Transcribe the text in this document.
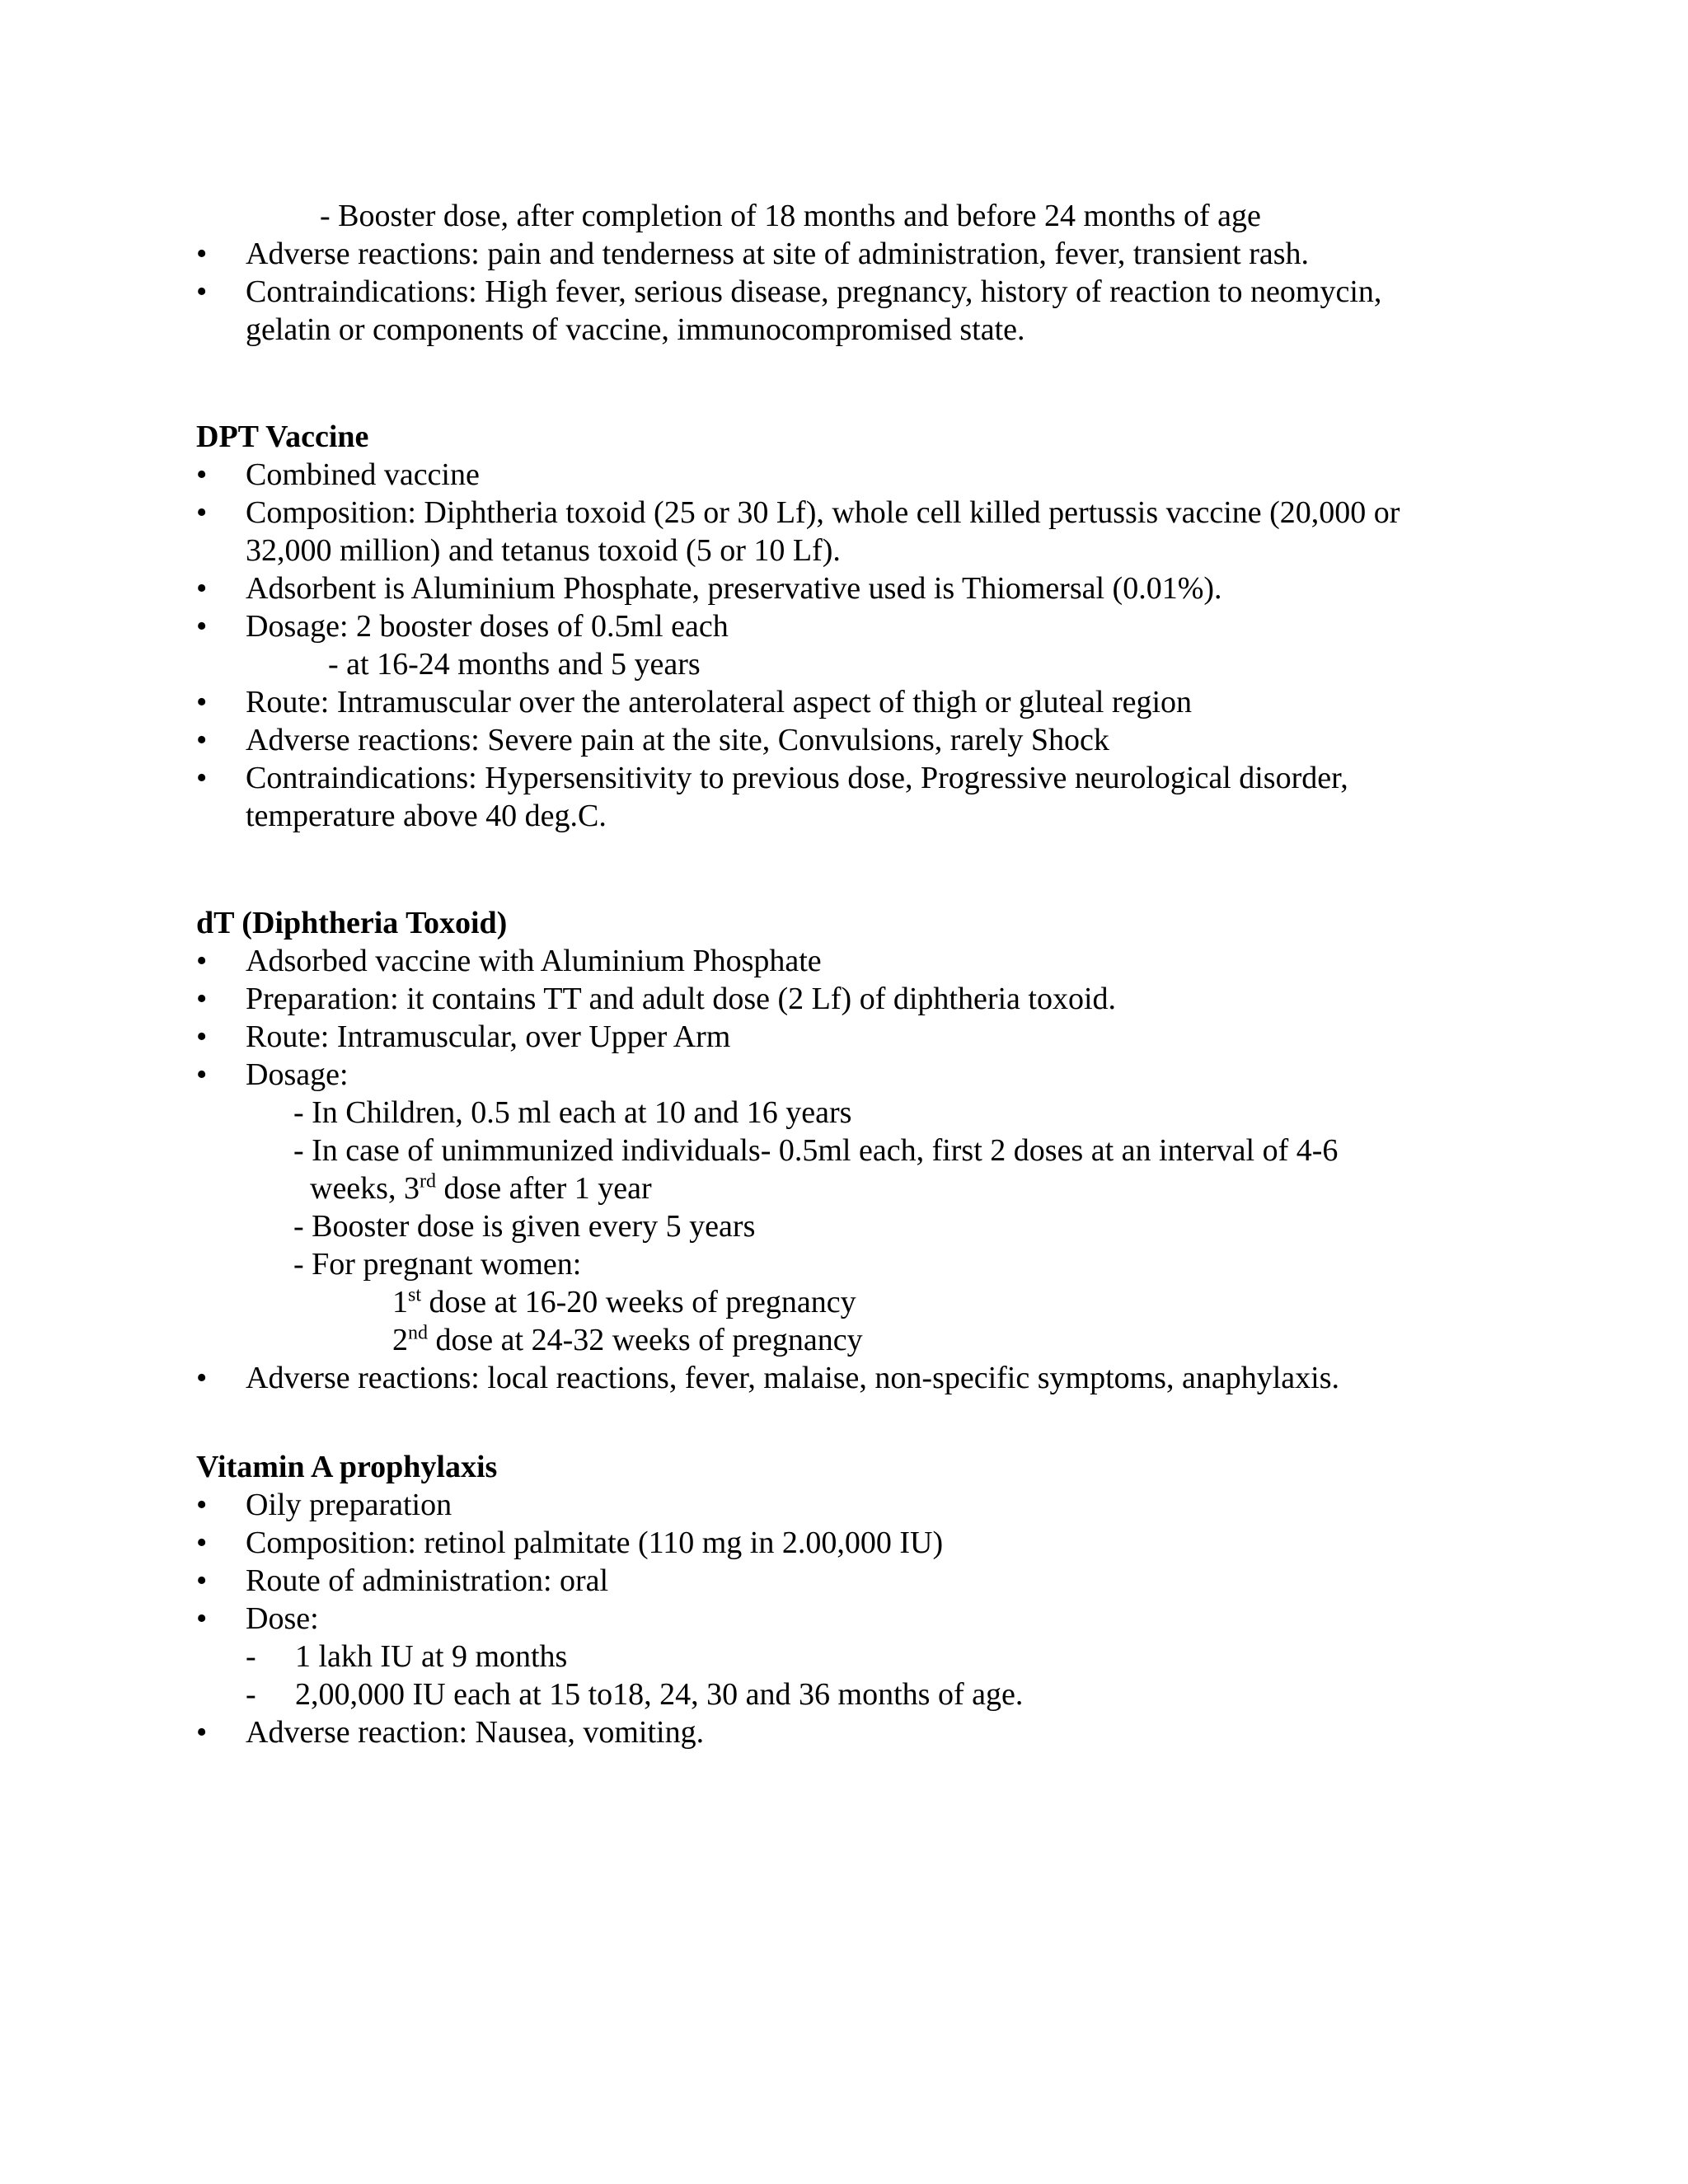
- Booster dose, after completion of 18 months and before 24 months of age
• Adverse reactions: pain and tenderness at site of administration, fever, transient rash.
• Contraindications: High fever, serious disease, pregnancy, history of reaction to neomycin,
gelatin or components of vaccine, immunocompromised state.
DPT Vaccine
• Combined vaccine
• Composition: Diphtheria toxoid (25 or 30 Lf), whole cell killed pertussis vaccine (20,000 or
32,000 million) and tetanus toxoid (5 or 10 Lf).
• Adsorbent is Aluminium Phosphate, preservative used is Thiomersal (0.01%).
• Dosage: 2 booster doses of 0.5ml each
- at 16-24 months and 5 years
• Route: Intramuscular over the anterolateral aspect of thigh or gluteal region
• Adverse reactions: Severe pain at the site, Convulsions, rarely Shock
• Contraindications: Hypersensitivity to previous dose, Progressive neurological disorder,
temperature above 40 deg.C.
dT (Diphtheria Toxoid)
• Adsorbed vaccine with Aluminium Phosphate
• Preparation: it contains TT and adult dose (2 Lf) of diphtheria toxoid.
• Route: Intramuscular, over Upper Arm
• Dosage:
- In Children, 0.5 ml each at 10 and 16 years
- In case of unimmunized individuals- 0.5ml each, first 2 doses at an interval of 4-6
weeks, 3rd dose after 1 year
- Booster dose is given every 5 years
- For pregnant women:
1st dose at 16-20 weeks of pregnancy
2nd dose at 24-32 weeks of pregnancy
• Adverse reactions: local reactions, fever, malaise, non-specific symptoms, anaphylaxis.
Vitamin A prophylaxis
• Oily preparation
• Composition: retinol palmitate (110 mg in 2.00,000 IU)
• Route of administration: oral
• Dose:
- 1 lakh IU at 9 months
- 2,00,000 IU each at 15 to18, 24, 30 and 36 months of age.
• Adverse reaction: Nausea, vomiting.
